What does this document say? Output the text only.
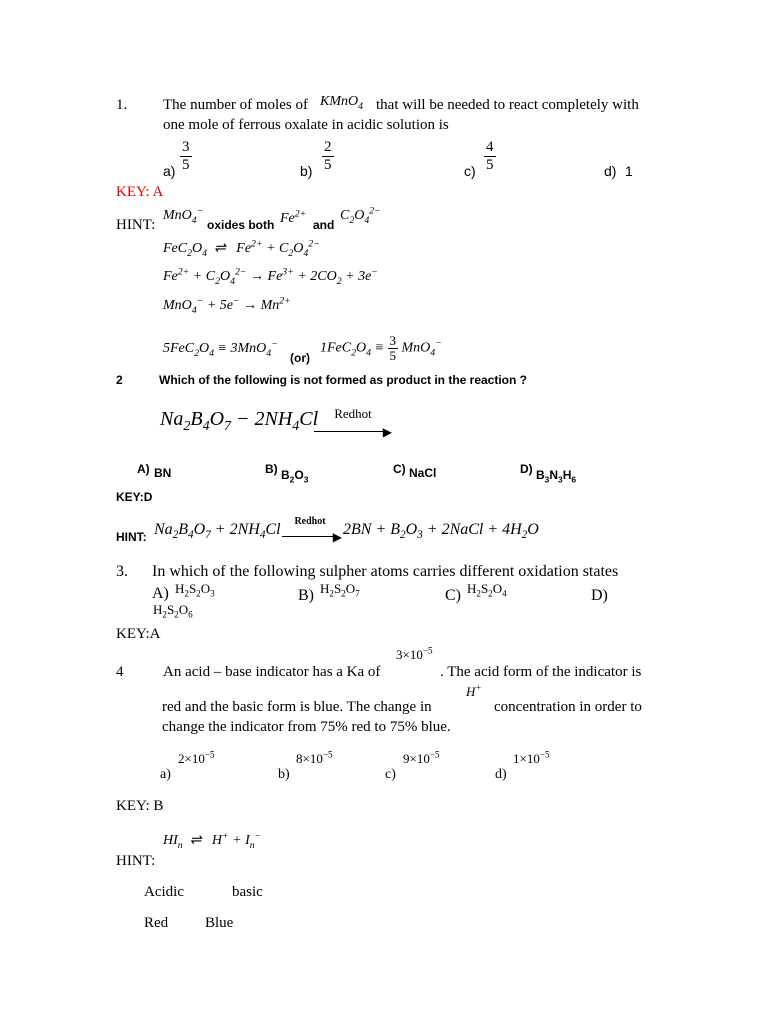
1. The number of moles of KMnO$_4$ that will be needed to react completely with
one mole of ferrous oxalate in acidic solution is
$a) \frac{3}{5}$	$b) \frac{2}{5}$	$c) \frac{4}{5}$	d) 1
KEY: A
HINT:
MnO$_4$−
oxides both $Fe^{2+}$
and
$C_2O_4^{2-}$
$FeC_2O_4$  ⇌   $Fe^{2+} + C_2O_4^{2-}$
$Fe^{2+} + C_2O_4^{2-} \to Fe^{3+} + 2CO_2 + 3e^-$
$MnO_4^- + 5e^- \to Mn^{2+}$
$5FeC_2O_4 \equiv 3MnO_4^-$
(or)
$1FeC_2O_4 \equiv \frac{3}{5} MnO_4^-$
2	Which of the following is not formed as product in the reaction ?
$Na_2B_4O_7 - 2NH_4Cl$	Redhot
▶
A) BN	B) $B_2O_3$
C) NaCl	D) $B_3N_3H_6$
KEY:D
HINT: $Na_2B_4O_7 + 2NH_4Cl$	Redhot
▶ $2BN + B_2O_3$ + 2NaCl + $4H_2O$
3. In which of the following sulpher atoms carries different oxidation states
A) $H_2S_2O_3$	B) $H_2S_2O_7$	C) $H_2S_2O_4$	D)
$H_2S_2O_6$
KEY:A
4	An acid – base indicator has a Ka of
$3\times 10^{-5}$
. The acid form of the indicator is
red and the basic form is blue. The change in
H+
concentration in order to
change the indicator from 75% red to 75% blue.
$2\times 10^{-5}$
a)
$8\times 10^{-5}$
b)
$9\times 10^{-5}$
c)
$1\times 10^{-5}$
d)
KEY: B
$HI_n$  ⇌   $H^+ + I_n^-$
HINT:
Acidic	basic
Red Blue
